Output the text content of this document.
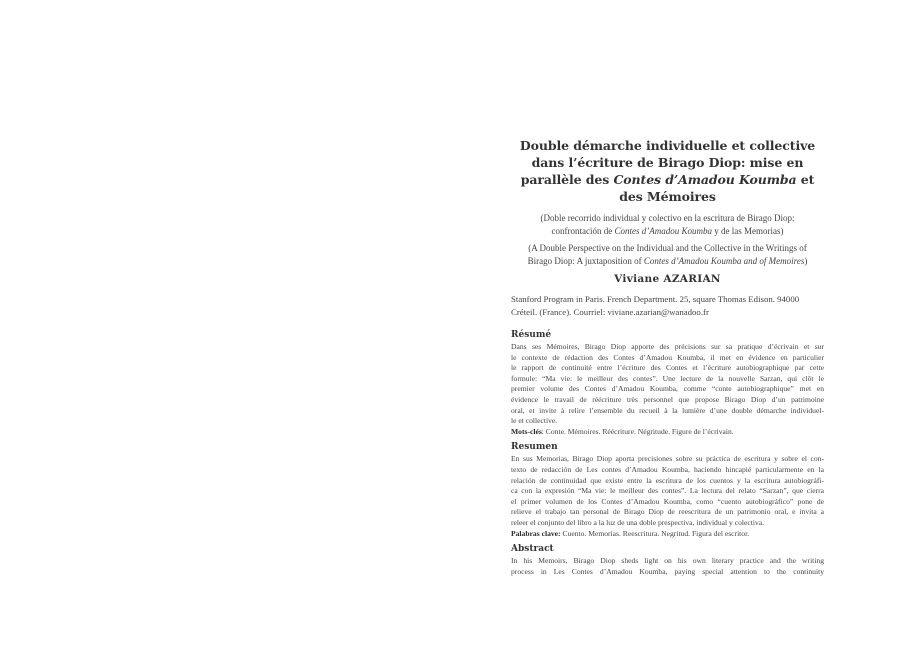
Double démarche individuelle et collective
dans l’écriture de Birago Diop: mise en
parallèle des Contes d’Amadou Koumba et
des Mémoires
(Doble recorrido individual y colectivo en la escritura de Birago Diop:
confrontación de Contes d’Amadou Koumba y de las Memorias)
(A Double Perspective on the Individual and the Collective in the Writings of
Birago Diop: A juxtaposition of Contes d’Amadou Koumba and of Memoires)
Viviane AZARIAN
Stanford Program in Paris. French Department. 25, square Thomas Edison. 94000
Créteil. (France). Courriel: viviane.azarian@wanadoo.fr
Résumé
Dans ses Mémoires, Birago Diop apporte des précisions sur sa pratique d’écrivain et sur
le contexte de rédaction des Contes d’Amadou Koumba, il met en évidence en particulier
le rapport de continuité entre l’écriture des Contes et l’écriture autobiographique par cette
formule: “Ma vie: le meilleur des contes”. Une lecture de la nouvelle Sarzan, qui clôt le
premier volume des Contes d’Amadou Koumba, comme “conte autobiographique” met en
évidence le travail de réécriture très personnel que propose Birago Diop d’un patrimoine
oral, et invite à relire l’ensemble du recueil à la lumière d’une double démarche individuel-
le et collective.
Mots-clés: Conte. Mémoires. Réécriture. Négritude. Figure de l’écrivain.
Resumen
En sus Memorias, Birago Diop aporta precisiones sobre su práctica de escritura y sobre el con-
texto de redacción de Les contes d’Amadou Koumba, haciendo hincapié particularmente en la
relación de continuidad que existe entre la escritura de los cuentos y la escritura autobiográfi-
ca con la expresión “Ma vie: le meilleur des contes”. La lectura del relato “Sarzan”, que cierra
el primer volumen de los Contes d’Amadou Koumba, como “cuento autobiográfico” pone de
relieve el trabajo tan personal de Birago Diop de reescritura de un patrimonio oral, e invita a
releer el conjunto del libro a la luz de una doble prespectiva, individual y colectiva.
Palabras clave: Cuento. Memorias. Reescritura. Negritud. Figura del escritor.
Abstract
In his Memoirs, Birago Diop sheds light on his own literary practice and the writing
process in Les Contes d’Amadou Koumba, paying special attention to the continuity
